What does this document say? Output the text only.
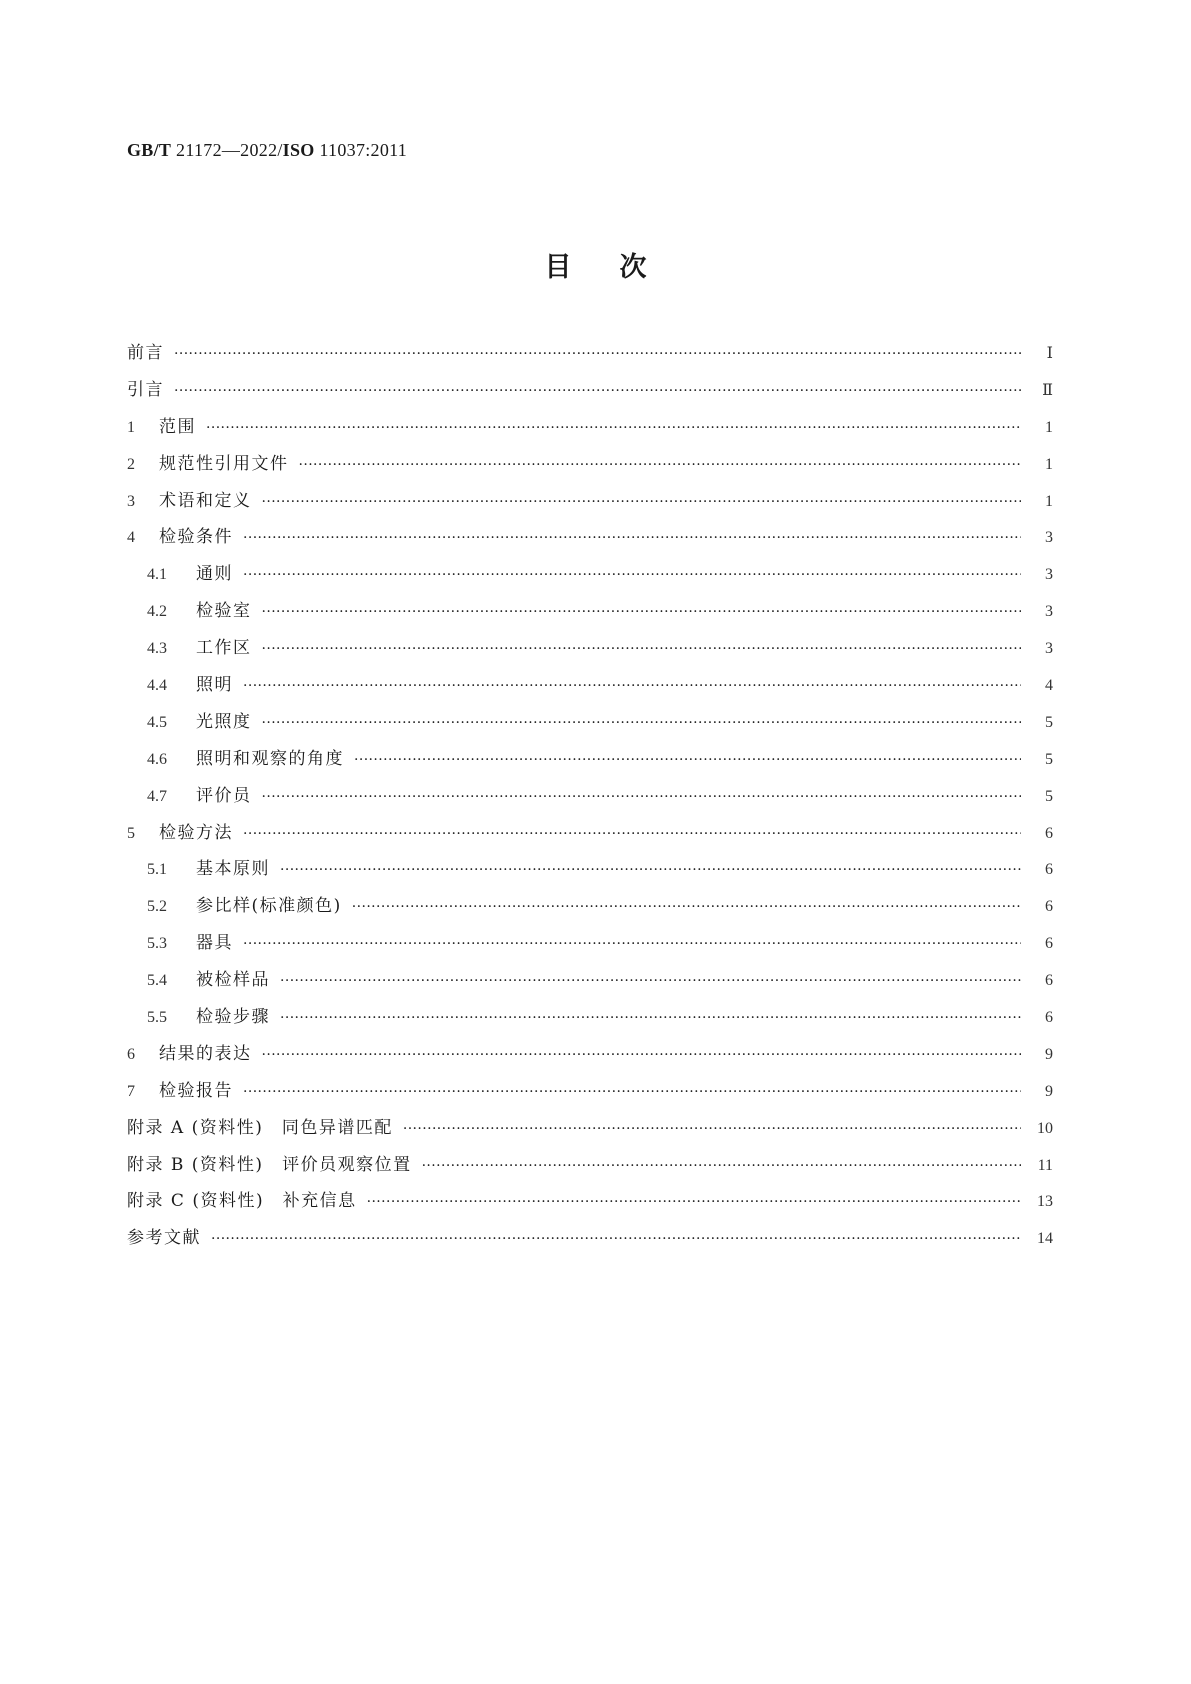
GB/T 21172—2022/ISO 11037:2011
目次
前言 ·····	Ⅰ
引言 ·····	Ⅱ
1	范围 ·····	1
2	规范性引用文件 ·····	1
3	术语和定义 ·····	1
4	检验条件 ·····	3
4.1	通则 ·····	3
4.2	检验室 ·····	3
4.3	工作区 ·····	3
4.4	照明 ·····	4
4.5	光照度 ·····	5
4.6	照明和观察的角度 ·····	5
4.7	评价员 ·····	5
5	检验方法 ·····	6
5.1	基本原则 ·····	6
5.2	参比样(标准颜色) ·····	6
5.3	器具 ·····	6
5.4	被检样品 ·····	6
5.5	检验步骤 ·····	6
6	结果的表达 ·····	9
7	检验报告 ·····	9
附录 A (资料性)　同色异谱匹配 ·····	10
附录 B (资料性)　评价员观察位置 ·····	11
附录 C (资料性)　补充信息 ·····	13
参考文献 ·····	14
